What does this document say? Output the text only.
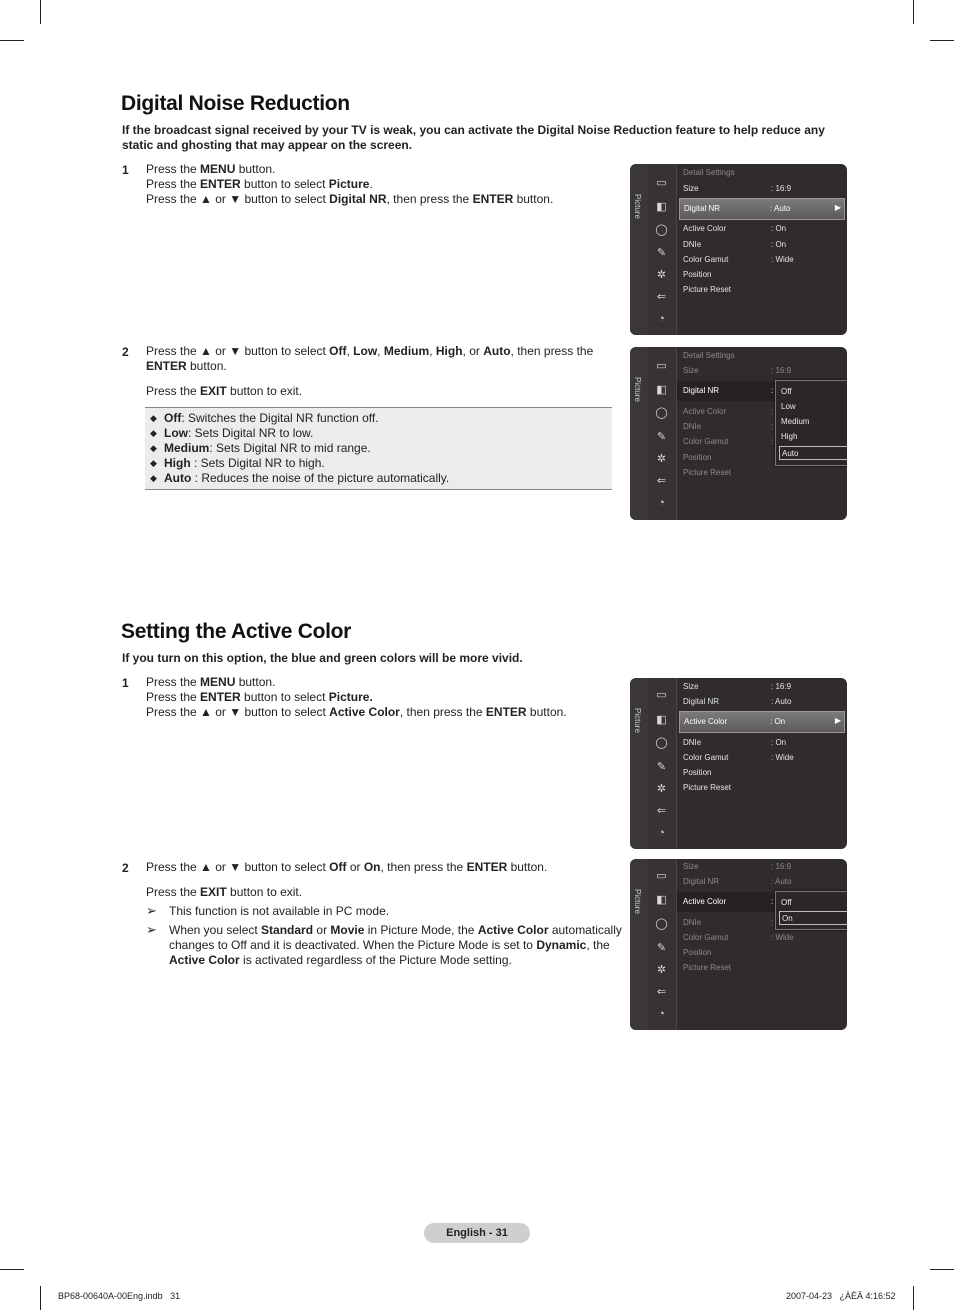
Digital Noise Reduction
If the broadcast signal received by your TV is weak, you can activate the Digital Noise Reduction feature to help reduce any static and ghosting that may appear on the screen.
1 Press the MENU button.
Press the ENTER button to select Picture.
Press the ▲ or ▼ button to select Digital NR, then press the ENTER button.
2 Press the ▲ or ▼ button to select Off, Low, Medium, High, or Auto, then press the ENTER button.
Press the EXIT button to exit.
◆ Off: Switches the Digital NR function off.
◆ Low: Sets Digital NR to low.
◆ Medium: Sets Digital NR to mid range.
◆ High : Sets Digital NR to high.
◆ Auto : Reduces the noise of the picture automatically.
Picture
▭
◧
◯
✎
✲
⇐
◔
Detail Settings
Size	: 16:9
Digital NR	: Auto	▶
Active Color	: On
DNIe	: On
Color Gamut	: Wide
Position
Picture Reset
Picture
▭
◧
◯
✎
✲
⇐
◔
Detail Settings
Size	: 16:9
Digital NR	:
Active Color	:
DNIe	:
Color Gamut	:
Position
Picture Reset
Off
Low
Medium
High
Auto
Setting the Active Color
If you turn on this option, the blue and green colors will be more vivid.
1 Press the MENU button.
Press the ENTER button to select Picture.
Press the ▲ or ▼ button to select Active Color, then press the ENTER button.
2 Press the ▲ or ▼ button to select Off or On, then press the ENTER button.
Press the EXIT button to exit.
➢ This function is not available in PC mode.
➢ When you select Standard or Movie in Picture Mode, the Active Color automatically changes to Off and it is deactivated. When the Picture Mode is set to Dynamic, the Active Color is activated regardless of the Picture Mode setting.
Picture
▭
◧
◯
✎
✲
⇐
◔
Size	: 16:9
Digital NR	: Auto
Active Color	: On	▶
DNIe	: On
Color Gamut	: Wide
Position
Picture Reset
Picture
▭
◧
◯
✎
✲
⇐
◔
Size	: 16:9
Digital NR	: Auto
Active Color	:
DNIe	:
Color Gamut	: Wide
Position
Picture Reset
Off
On
English - 31
BP68-00640A-00Eng.indb   31	2007-04-23   ¿ÀÈÄ 4:16:52
